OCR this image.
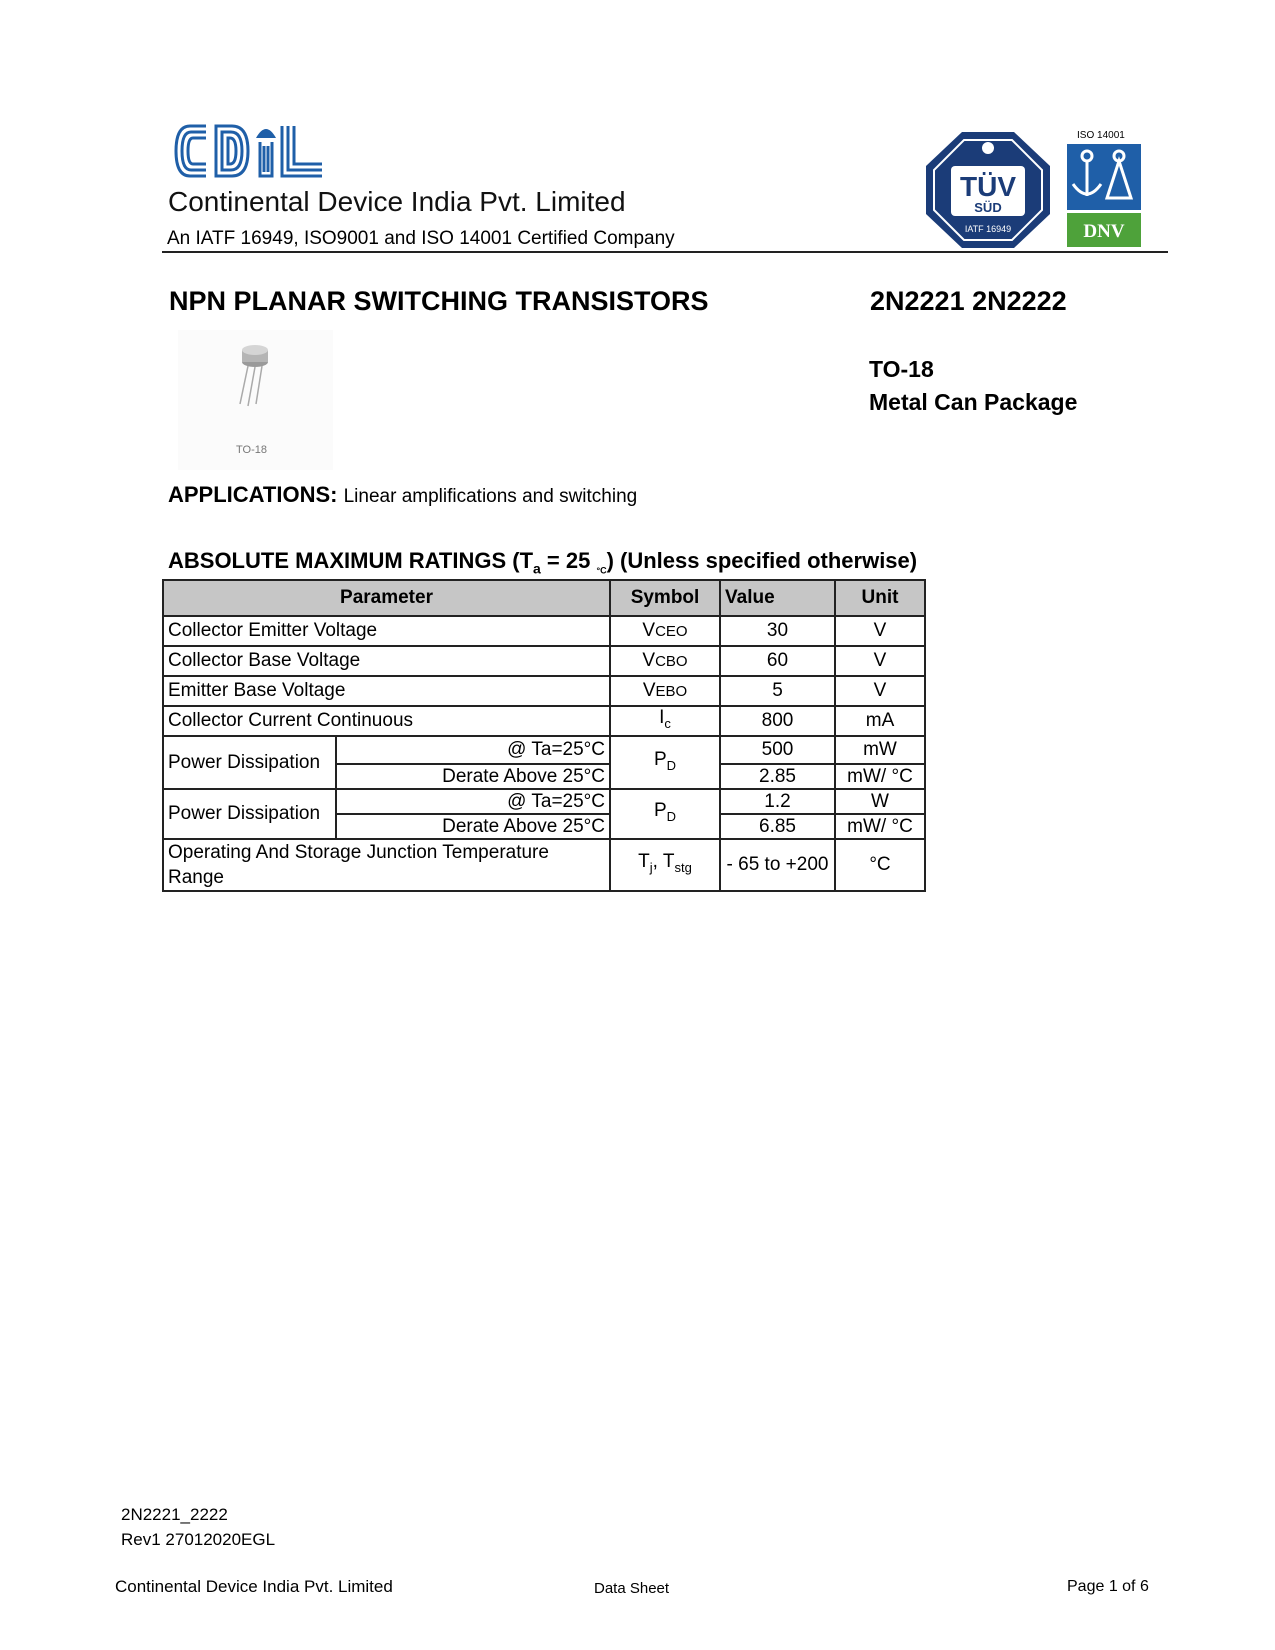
Continental Device India Pvt. Limited
An IATF 16949, ISO9001 and ISO 14001 Certified Company
TÜV
SÜD
IATF 16949
ISO 14001
DNV
NPN PLANAR SWITCHING TRANSISTORS	2N2221 2N2222
TO-18
TO-18
Metal Can Package
APPLICATIONS: Linear amplifications and switching
ABSOLUTE MAXIMUM RATINGS ($T_a = 25$ $_{^\circ C}$) (Unless specified otherwise)
Parameter		Symbol	Value	Unit
Collector Emitter Voltage		VCEO	30	V
Collector Base Voltage		VCBO	60	V
Emitter Base Voltage		VEBO	5	V
Collector Current Continuous		$I_c$	800	mA
Power Dissipation	@ Ta=25°C	$P_D$	500	mW
	Derate Above 25°C		2.85	mW/ °C
Power Dissipation	@ Ta=25°C	$P_D$	1.2	W
	Derate Above 25°C		6.85	mW/ °C
Operating And Storage Junction Temperature Range		$T_j$, $T_{stg}$	- 65 to +200	°C
2N2221_2222
Rev1 27012020EGL
Continental Device India Pvt. Limited	Data Sheet	Page 1 of 6
